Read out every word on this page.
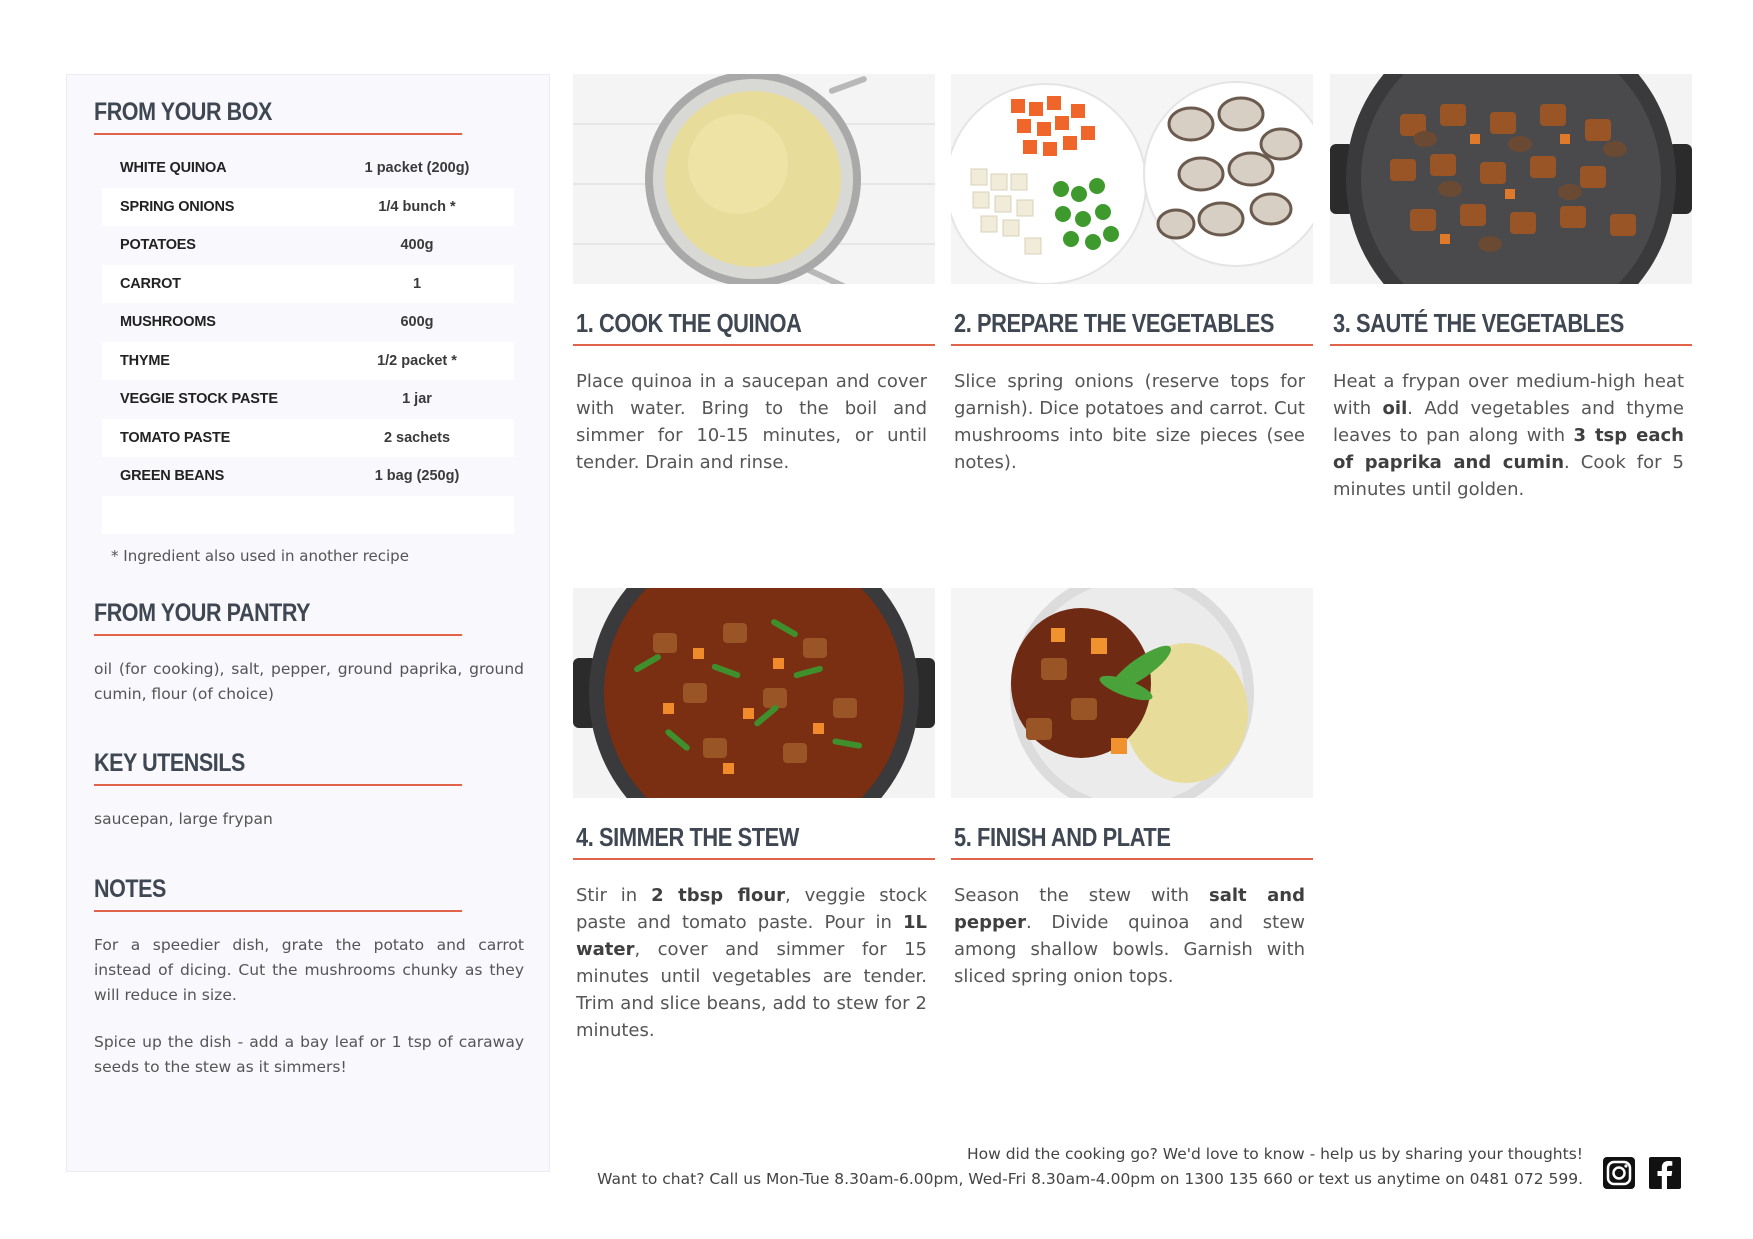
FROM YOUR BOX
WHITE QUINOA	1 packet (200g)
SPRING ONIONS	1/4 bunch *
POTATOES	400g
CARROT	1
MUSHROOMS	600g
THYME	1/2 packet *
VEGGIE STOCK PASTE	1 jar
TOMATO PASTE	2 sachets
GREEN BEANS	1 bag (250g)
* Ingredient also used in another recipe
FROM YOUR PANTRY
oil (for cooking), salt, pepper, ground paprika, ground cumin, flour (of choice)
KEY UTENSILS
saucepan, large frypan
NOTES
For a speedier dish, grate the potato and carrot instead of dicing. Cut the mushrooms chunky as they will reduce in size.
Spice up the dish - add a bay leaf or 1 tsp of caraway seeds to the stew as it simmers!
1. COOK THE QUINOA
Place quinoa in a saucepan and cover with water. Bring to the boil and simmer for 10-15 minutes, or until tender. Drain and rinse.
2. PREPARE THE VEGETABLES
Slice spring onions (reserve tops for garnish). Dice potatoes and carrot. Cut mushrooms into bite size pieces (see notes).
3. SAUTÉ THE VEGETABLES
Heat a frypan over medium-high heat with oil. Add vegetables and thyme leaves to pan along with 3 tsp each of paprika and cumin. Cook for 5 minutes until golden.
4. SIMMER THE STEW
Stir in 2 tbsp flour, veggie stock paste and tomato paste. Pour in 1L water, cover and simmer for 15 minutes until vegetables are tender. Trim and slice beans, add to stew for 2 minutes.
5. FINISH AND PLATE
Season the stew with salt and pepper. Divide quinoa and stew among shallow bowls. Garnish with sliced spring onion tops.
How did the cooking go? We'd love to know - help us by sharing your thoughts!
Want to chat? Call us Mon-Tue 8.30am-6.00pm, Wed-Fri 8.30am-4.00pm on 1300 135 660 or text us anytime on 0481 072 599.
